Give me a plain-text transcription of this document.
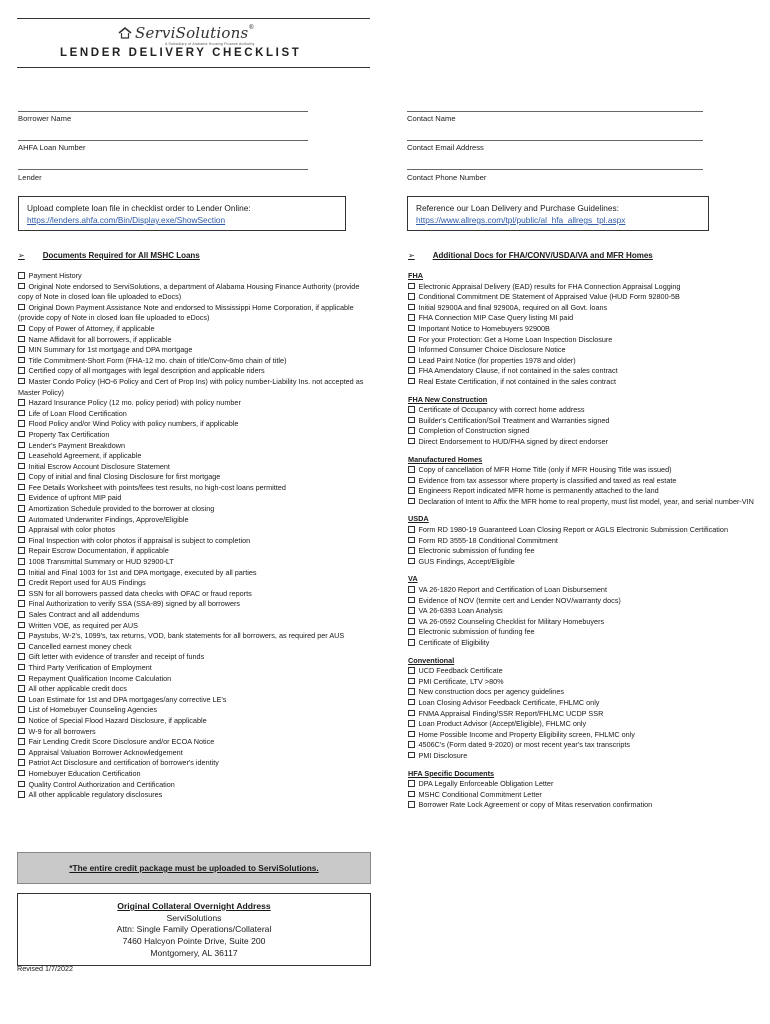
ServiSolutions®
A Subsidiary of Alabama Housing Finance Authority
LENDER DELIVERY CHECKLIST
Borrower Name
AHFA Loan Number
Lender
Contact Name
Contact Email Address
Contact Phone Number
Upload complete loan file in checklist order to Lender Online:
https://lenders.ahfa.com/Bin/Display.exe/ShowSection
Reference our Loan Delivery and Purchase Guidelines:
https://www.allregs.com/tpl/public/al_hfa_allregs_tpl.aspx
➢ Documents Required for All MSHC Loans	➢ Additional Docs for FHA/CONV/USDA/VA and MFR Homes
Payment History
Original Note endorsed to ServiSolutions, a department of Alabama Housing Finance Authority (provide copy of Note in closed loan file uploaded to eDocs)
Original Down Payment Assistance Note and endorsed to Mississippi Home Corporation, if applicable (provide copy of Note in closed loan file uploaded to eDocs)
Copy of Power of Attorney, if applicable
Name Affidavit for all borrowers, if applicable
MIN Summary for 1st mortgage and DPA mortgage
Title Commitment-Short Form (FHA-12 mo. chain of title/Conv-6mo chain of title)
Certified copy of all mortgages with legal description and applicable riders
Master Condo Policy (HO-6 Policy and Cert of Prop Ins) with policy number-Liability Ins. not accepted as Master Policy)
Hazard Insurance Policy (12 mo. policy period) with policy number
Life of Loan Flood Certification
Flood Policy and/or Wind Policy with policy numbers, if applicable
Property Tax Certification
Lender's Payment Breakdown
Leasehold Agreement, if applicable
Initial Escrow Account Disclosure Statement
Copy of initial and final Closing Disclosure for first mortgage
Fee Details Worksheet with points/fees test results, no high-cost loans permitted
Evidence of upfront MIP paid
Amortization Schedule provided to the borrower at closing
Automated Underwriter Findings, Approve/Eligible
Appraisal with color photos
Final Inspection with color photos if appraisal is subject to completion
Repair Escrow Documentation, if applicable
1008 Transmittal Summary or HUD 92900-LT
Initial and Final 1003 for 1st and DPA mortgage, executed by all parties
Credit Report used for AUS Findings
SSN for all borrowers passed data checks with OFAC or fraud reports
Final Authorization to verify SSA (SSA-89) signed by all borrowers
Sales Contract and all addendums
Written VOE, as required per AUS
Paystubs, W-2's, 1099's, tax returns, VOD, bank statements for all borrowers, as required per AUS
Cancelled earnest money check
Gift letter with evidence of transfer and receipt of funds
Third Party Verification of Employment
Repayment Qualification Income Calculation
All other applicable credit docs
Loan Estimate for 1st and DPA mortgages/any corrective LE's
List of Homebuyer Counseling Agencies
Notice of Special Flood Hazard Disclosure, if applicable
W-9 for all borrowers
Fair Lending Credit Score Disclosure and/or ECOA Notice
Appraisal Valuation Borrower Acknowledgement
Patriot Act Disclosure and certification of borrower's identity
Homebuyer Education Certification
Quality Control Authorization and Certification
All other applicable regulatory disclosures
FHA
Electronic Appraisal Delivery (EAD) results for FHA Connection Appraisal Logging
Conditional Commitment DE Statement of Appraised Value (HUD Form 92800-5B
Initial 92900A and final 92900A, required on all Govt. loans
FHA Connection MIP Case Query listing MI paid
Important Notice to Homebuyers 92900B
For your Protection: Get a Home Loan Inspection Disclosure
Informed Consumer Choice Disclosure Notice
Lead Paint Notice (for properties 1978 and older)
FHA Amendatory Clause, if not contained in the sales contract
Real Estate Certification, if not contained in the sales contract
FHA New Construction
Certificate of Occupancy with correct home address
Builder's Certification/Soil Treatment and Warranties signed
Completion of Construction signed
Direct Endorsement to HUD/FHA signed by direct endorser
Manufactured Homes
Copy of cancellation of MFR Home Title (only if MFR Housing Title was issued)
Evidence from tax assessor where property is classified and taxed as real estate
Engineers Report indicated MFR home is permanently attached to the land
Declaration of Intent to Affix the MFR home to real property, must list model, year, and serial number-VIN
USDA
Form RD 1980-19 Guaranteed Loan Closing Report or AGLS Electronic Submission Certification
Form RD 3555-18 Conditional Commitment
Electronic submission of funding fee
GUS Findings, Accept/Eligible
VA
VA 26-1820 Report and Certification of Loan Disbursement
Evidence of NOV (termite cert and Lender NOV/warranty docs)
VA 26-6393 Loan Analysis
VA 26-0592 Counseling Checklist for Military Homebuyers
Electronic submission of funding fee
Certificate of Eligibility
Conventional
UCD Feedback Certificate
PMI Certificate, LTV >80%
New construction docs per agency guidelines
Loan Closing Advisor Feedback Certificate, FHLMC only
FNMA Appraisal Finding/SSR Report/FHLMC UCDP SSR
Loan Product Advisor (Accept/Eligible), FHLMC only
Home Possible Income and Property Eligibility screen, FHLMC only
4506C's (Form dated 9-2020) or most recent year's tax transcripts
PMI Disclosure
HFA Specific Documents
DPA Legally Enforceable Obligation Letter
MSHC Conditional Commitment Letter
Borrower Rate Lock Agreement or copy of Mitas reservation confirmation
*The entire credit package must be uploaded to ServiSolutions.
Original Collateral Overnight Address
ServiSolutions
Attn: Single Family Operations/Collateral
7460 Halcyon Pointe Drive, Suite 200
Montgomery, AL 36117
Revised 1/7/2022
